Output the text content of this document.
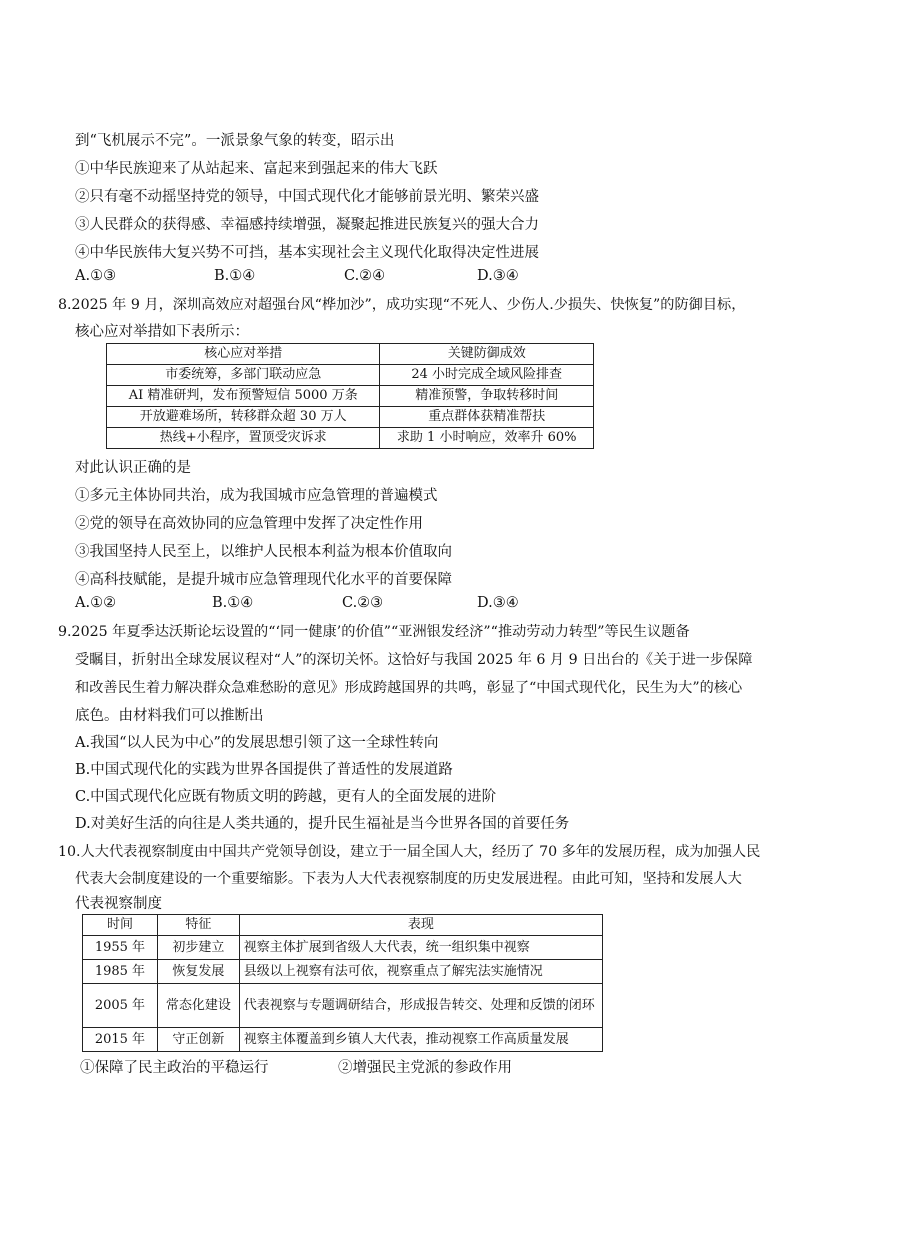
到“飞机展示不完”。一派景象气象的转变，昭示出
①中华民族迎来了从站起来、富起来到强起来的伟大飞跃
②只有毫不动摇坚持党的领导，中国式现代化才能够前景光明、繁荣兴盛
③人民群众的获得感、幸福感持续增强，凝聚起推进民族复兴的强大合力
④中华民族伟大复兴势不可挡，基本实现社会主义现代化取得决定性进展
A.①③	B.①④	C.②④	D.③④
8.2025 年 9 月，深圳高效应对超强台风“桦加沙”，成功实现“不死人、少伤人.少损失、快恢复”的防御目标，
核心应对举措如下表所示：
核心应对举措	关键防御成效
市委统筹，多部门联动应急	24 小时完成全域风险排查
AI 精准研判，发布预警短信 5000 万条	精准预警，争取转移时间
开放避难场所，转移群众超 30 万人	重点群体获精准帮扶
热线+小程序，置顶受灾诉求	求助 1 小时响应，效率升 60%
对此认识正确的是
①多元主体协同共治，成为我国城市应急管理的普遍模式
②党的领导在高效协同的应急管理中发挥了决定性作用
③我国坚持人民至上，以维护人民根本利益为根本价值取向
④高科技赋能，是提升城市应急管理现代化水平的首要保障
A.①②	B.①④	C.②③	D.③④
9.2025 年夏季达沃斯论坛设置的“‘同一健康’的价值”“亚洲银发经济”“推动劳动力转型”等民生议题备
受瞩目，折射出全球发展议程对“人”的深切关怀。这恰好与我国 2025 年 6 月 9 日出台的《关于进一步保障
和改善民生着力解决群众急难愁盼的意见》形成跨越国界的共鸣，彰显了“中国式现代化，民生为大”的核心
底色。由材料我们可以推断出
A.我国“以人民为中心”的发展思想引领了这一全球性转向
B.中国式现代化的实践为世界各国提供了普适性的发展道路
C.中国式现代化应既有物质文明的跨越，更有人的全面发展的进阶
D.对美好生活的向往是人类共通的，提升民生福祉是当今世界各国的首要任务
10.人大代表视察制度由中国共产党领导创设，建立于一届全国人大，经历了 70 多年的发展历程，成为加强人民
代表大会制度建设的一个重要缩影。下表为人大代表视察制度的历史发展进程。由此可知，坚持和发展人大
代表视察制度
时间	特征	表现
1955 年	初步建立	视察主体扩展到省级人大代表，统一组织集中视察
1985 年	恢复发展	县级以上视察有法可依，视察重点了解宪法实施情况
2005 年	常态化建设	代表视察与专题调研结合，形成报告转交、处理和反馈的闭环
2015 年	守正创新	视察主体覆盖到乡镇人大代表，推动视察工作高质量发展
①保障了民主政治的平稳运行	②增强民主党派的参政作用
